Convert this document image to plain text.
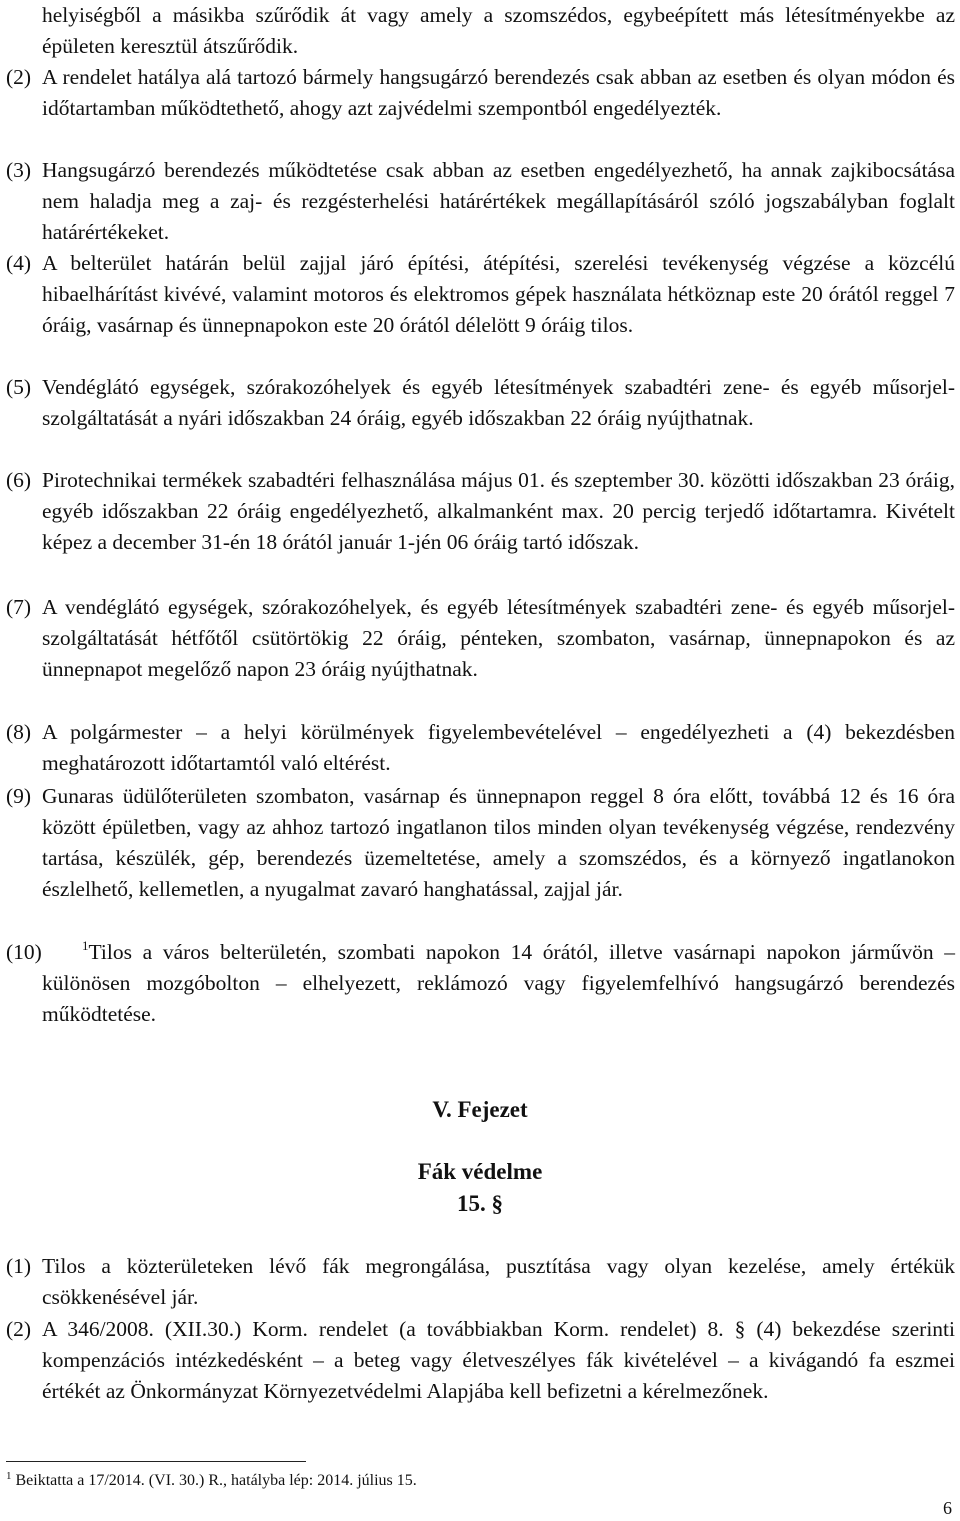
helyiségből a másikba szűrődik át vagy amely a szomszédos, egybeépített más létesítményekbe az épületen keresztül átszűrődik.
(2) A rendelet hatálya alá tartozó bármely hangsugárzó berendezés csak abban az esetben és olyan módon és időtartamban működtethető, ahogy azt zajvédelmi szempontból engedélyezték.
(3) Hangsugárzó berendezés működtetése csak abban az esetben engedélyezhető, ha annak zajkibocsátása nem haladja meg a zaj- és rezgésterhelési határértékek megállapításáról szóló jogszabályban foglalt határértékeket.
(4) A belterület határán belül zajjal járó építési, átépítési, szerelési tevékenység végzése a közcélú hibaelhárítást kivévé, valamint motoros és elektromos gépek használata hétköznap este 20 órától reggel 7 óráig, vasárnap és ünnepnapokon este 20 órától délelött 9 óráig tilos.
(5) Vendéglátó egységek, szórakozóhelyek és egyéb létesítmények szabadtéri zene- és egyéb műsorjel-szolgáltatását a nyári időszakban 24 óráig, egyéb időszakban 22 óráig nyújthatnak.
(6) Pirotechnikai termékek szabadtéri felhasználása május 01. és szeptember 30. közötti időszakban 23 óráig, egyéb időszakban 22 óráig engedélyezhető, alkalmanként max. 20 percig terjedő időtartamra. Kivételt képez a december 31-én 18 órától január 1-jén 06 óráig tartó időszak.
(7) A vendéglátó egységek, szórakozóhelyek, és egyéb létesítmények szabadtéri zene- és egyéb műsorjel-szolgáltatását hétfőtől csütörtökig 22 óráig, pénteken, szombaton, vasárnap, ünnepnapokon és az ünnepnapot megelőző napon 23 óráig nyújthatnak.
(8) A polgármester – a helyi körülmények figyelembevételével – engedélyezheti a (4) bekezdésben meghatározott időtartamtól való eltérést.
(9) Gunaras üdülőterületen szombaton, vasárnap és ünnepnapon reggel 8 óra előtt, továbbá 12 és 16 óra között épületben, vagy az ahhoz tartozó ingatlanon tilos minden olyan tevékenység végzése, rendezvény tartása, készülék, gép, berendezés üzemeltetése, amely a szomszédos, és a környező ingatlanokon észlelhető, kellemetlen, a nyugalmat zavaró hanghatással, zajjal jár.
(10)	$^1$Tilos a város belterületén, szombati napokon 14 órától, illetve vasárnapi napokon járművön – különösen mozgóbolton – elhelyezett, reklámozó vagy figyelemfelhívó hangsugárzó berendezés működtetése.
V. Fejezet
Fák védelme
15. §
(1) Tilos a közterületeken lévő fák megrongálása, pusztítása vagy olyan kezelése, amely értékük csökkenésével jár.
(2) A 346/2008. (XII.30.) Korm. rendelet (a továbbiakban Korm. rendelet) 8. § (4) bekezdése szerinti kompenzációs intézkedésként – a beteg vagy életveszélyes fák kivételével – a kivágandó fa eszmei értékét az Önkormányzat Környezetvédelmi Alapjába kell befizetni a kérelmezőnek.
$^1$ Beiktatta a 17/2014. (VI. 30.) R., hatályba lép: 2014. július 15.
6
